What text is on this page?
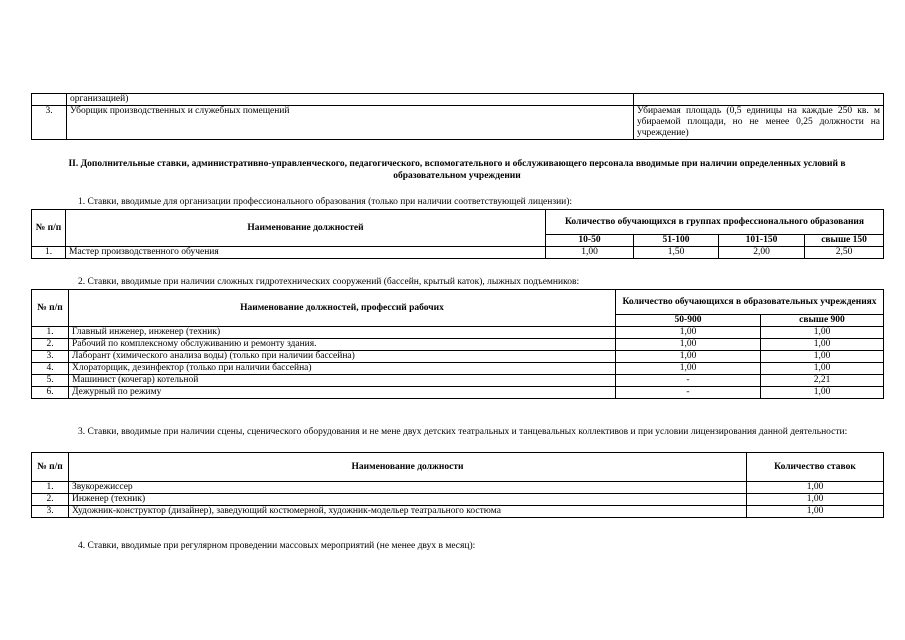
	организацией)	
3.	Уборщик производственных и служебных помещений	Убираемая площадь (0,5 единицы на каждые 250 кв. м убираемой площади, но не менее 0,25 должности на учреждение)
II. Дополнительные ставки, административно-управленческого, педагогического, вспомогательного и обслуживающего персонала вводимые при наличии определенных условий в образовательном учреждении
1. Ставки, вводимые для организации профессионального образования (только при наличии соответствующей лицензии):
№ п/п	Наименование должностей	Количество обучающихся в группах профессионального образования			
		10-50	51-100	101-150	свыше 150
1.	Мастер производственного обучения	1,00	1,50	2,00	2,50
2. Ставки, вводимые при наличии сложных гидротехнических сооружений (бассейн, крытый каток), лыжных подъемников:
№ п/п	Наименование должностей, профессий рабочих	Количество обучающихся в образовательных учреждениях	
		50-900	свыше 900
1.	Главный инженер, инженер (техник)	1,00	1,00
2.	Рабочий по комплексному обслуживанию и ремонту здания.	1,00	1,00
3.	Лаборант (химического анализа воды) (только при наличии бассейна)	1,00	1,00
4.	Хлораторщик, дезинфектор (только при наличии бассейна)	1,00	1,00
5.	Машинист (кочегар) котельной	-	2,21
6.	Дежурный по режиму	-	1,00
3. Ставки, вводимые при наличии сцены, сценического оборудования и не мене двух детских театральных и танцевальных коллективов и при условии лицензирования данной деятельности:
№ п/п	Наименование должности	Количество ставок
1.	Звукорежиссер	1,00
2.	Инженер (техник)	1,00
3.	Художник-конструктор (дизайнер), заведующий костюмерной, художник-модельер театрального костюма	1,00
4. Ставки, вводимые при регулярном проведении массовых мероприятий (не менее двух в месяц):
